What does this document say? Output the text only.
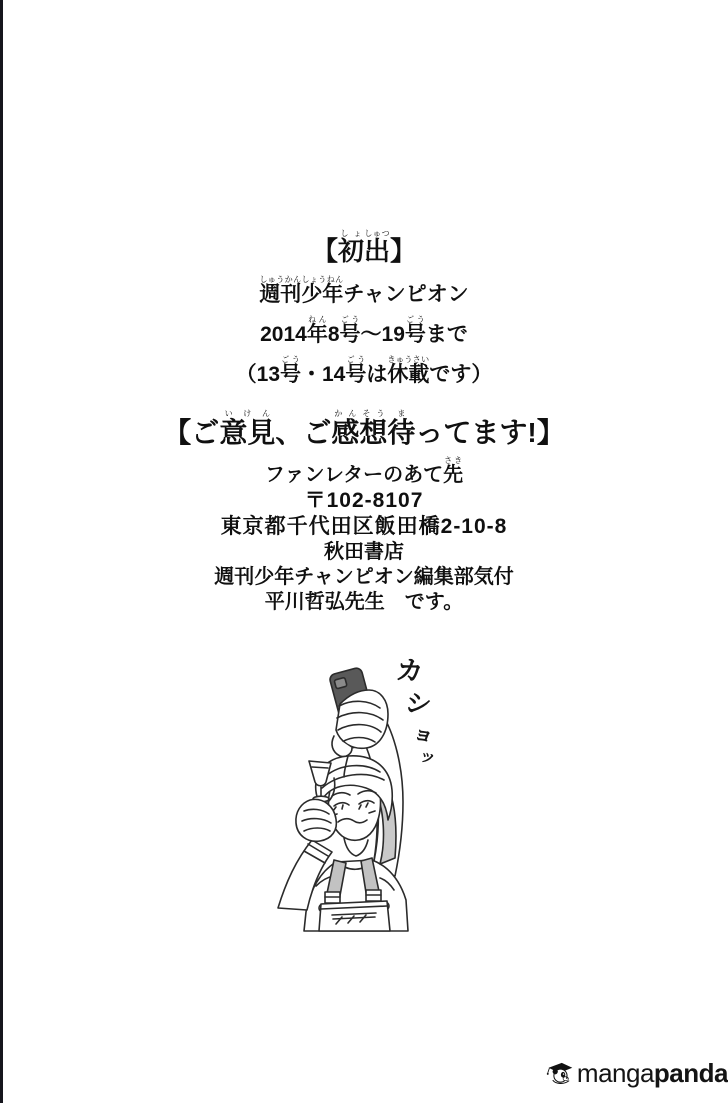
【初しょ出しゅつ】
週刊しゅうかん少年しょうねんチャンピオン
2014年ねん8号ごう～19号ごうまで
（13号ごう・14号ごうは休載きゅうさいです）
【ご意見いけん、ご感想かんそう待まってます!】
ファンレターのあて先さき
〒102-8107
東京都千代田区飯田橋2-10-8
秋田書店
週刊少年チャンピオン編集部気付
平川哲弘先生　です。
カ
シ
ョ
ッ
mangapanda
